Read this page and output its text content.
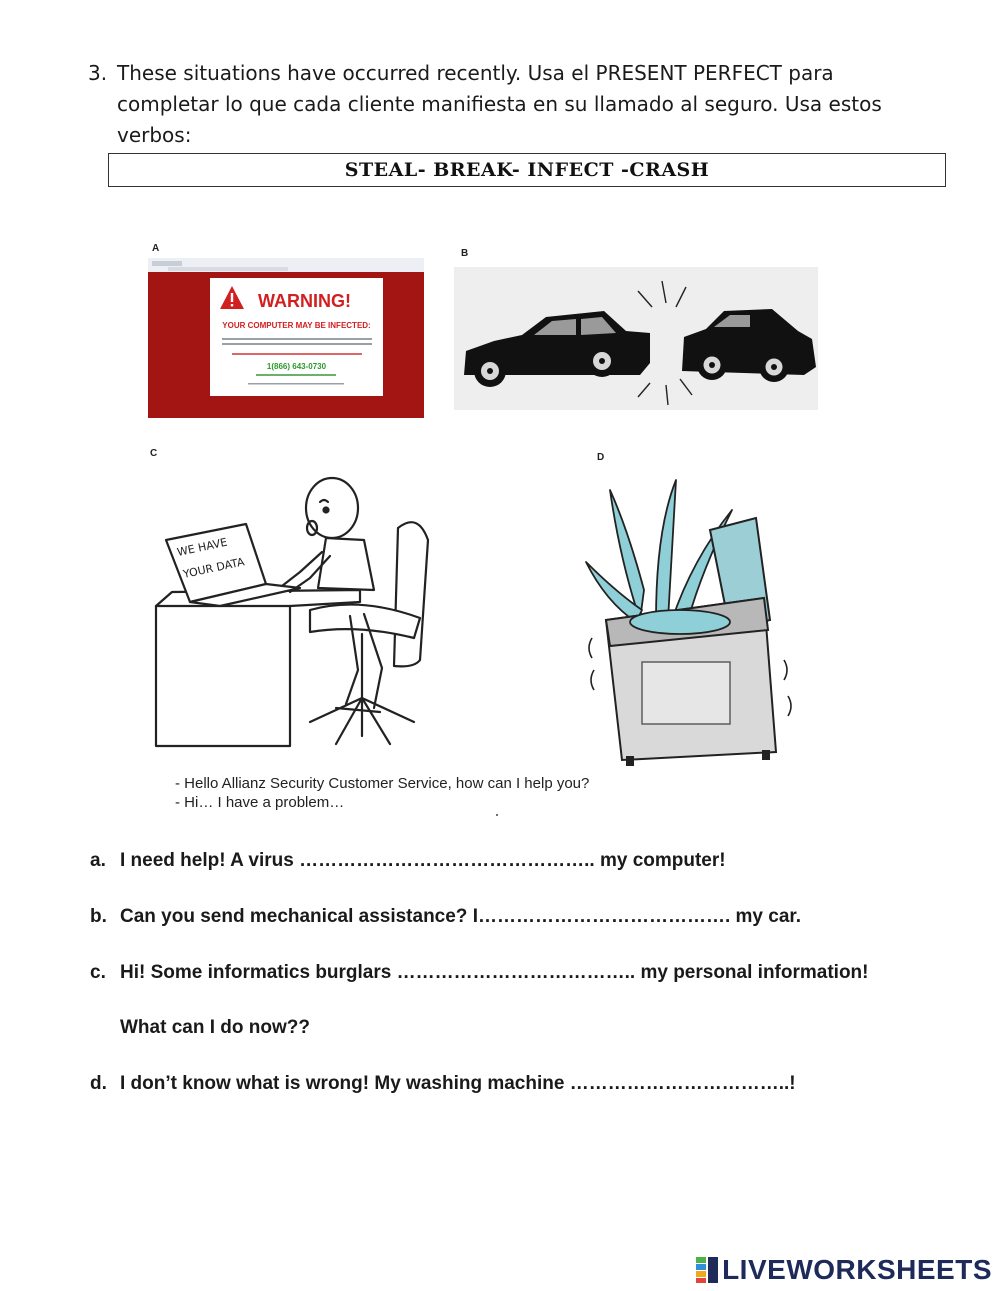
3. These situations have occurred recently. Usa el PRESENT PERFECT para completar lo que cada cliente manifiesta en su llamado al seguro. Usa estos verbos:
STEAL- BREAK- INFECT -CRASH
A
WARNING!
YOUR COMPUTER MAY BE INFECTED:
1(866) 643-0730
B
C
WE HAVE
YOUR DATA
D
- Hello Allianz Security Customer Service, how can I help you?
- Hi… I have a problem…
a. I need help! A virus ……………………………………….. my computer!
b. Can you send mechanical assistance? I…………………………………. my car.
c. Hi! Some informatics burglars ……………………………….. my personal information!
What can I do now??
d. I don’t know what is wrong! My washing machine ……………………………..!
LIVEWORKSHEETS
